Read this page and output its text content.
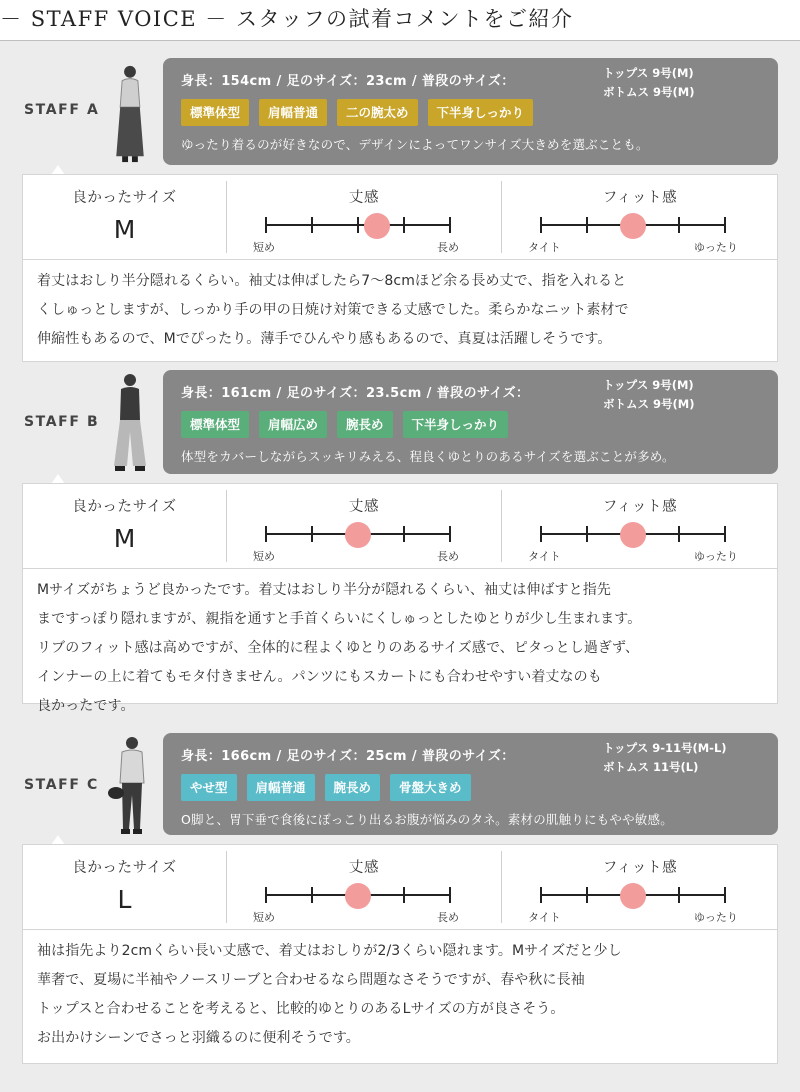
－ STAFF VOICE － スタッフの試着コメントをご紹介
STAFF A
身長：154cm / 足のサイズ：23cm / 普段のサイズ：
トップス 9号(M)
ボトムス 9号(M)
標準体型	肩幅普通	二の腕太め	下半身しっかり
ゆったり着るのが好きなので、デザインによってワンサイズ大きめを選ぶことも。
良かったサイズ
M
丈感
短め	長め
フィット感
タイト	ゆったり
着丈はおしり半分隠れるくらい。袖丈は伸ばしたら7〜8cmほど余る長め丈で、指を入れると
くしゅっとしますが、しっかり手の甲の日焼け対策できる丈感でした。柔らかなニット素材で
伸縮性もあるので、Mでぴったり。薄手でひんやり感もあるので、真夏は活躍しそうです。
STAFF B
身長：161cm / 足のサイズ：23.5cm / 普段のサイズ：
トップス 9号(M)
ボトムス 9号(M)
標準体型	肩幅広め	腕長め	下半身しっかり
体型をカバーしながらスッキリみえる、程良くゆとりのあるサイズを選ぶことが多め。
良かったサイズ
M
丈感
短め	長め
フィット感
タイト	ゆったり
Mサイズがちょうど良かったです。着丈はおしり半分が隠れるくらい、袖丈は伸ばすと指先
まですっぽり隠れますが、親指を通すと手首くらいにくしゅっとしたゆとりが少し生まれます。
リブのフィット感は高めですが、全体的に程よくゆとりのあるサイズ感で、ピタっとし過ぎず、
インナーの上に着てもモタ付きません。パンツにもスカートにも合わせやすい着丈なのも
良かったです。
STAFF C
身長：166cm / 足のサイズ：25cm / 普段のサイズ：
トップス 9-11号(M-L)
ボトムス 11号(L)
やせ型	肩幅普通	腕長め	骨盤大きめ
O脚と、胃下垂で食後にぽっこり出るお腹が悩みのタネ。素材の肌触りにもやや敏感。
良かったサイズ
L
丈感
短め	長め
フィット感
タイト	ゆったり
袖は指先より2cmくらい長い丈感で、着丈はおしりが2/3くらい隠れます。Mサイズだと少し
華奢で、夏場に半袖やノースリーブと合わせるなら問題なさそうですが、春や秋に長袖
トップスと合わせることを考えると、比較的ゆとりのあるLサイズの方が良さそう。
お出かけシーンでさっと羽織るのに便利そうです。
